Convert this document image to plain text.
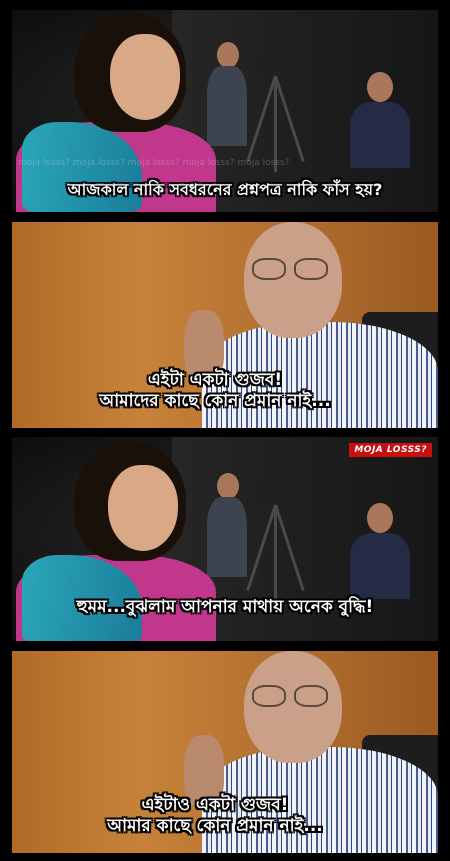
moja losss? moja losss? moja losss? moja losss? moja losss?
আজকাল নাকি সবধরনের প্রশ্নপত্র নাকি ফাঁস হয়?
এইটা একটা গুজব!
আমাদের কাছে কোন প্রমান নাই...
MOJA LOSSS?
হুমম...বুঝলাম আপনার মাথায় অনেক বুদ্ধি!
এইটাও একটা গুজব!
আমার কাছে কোন প্রমান নাই...
